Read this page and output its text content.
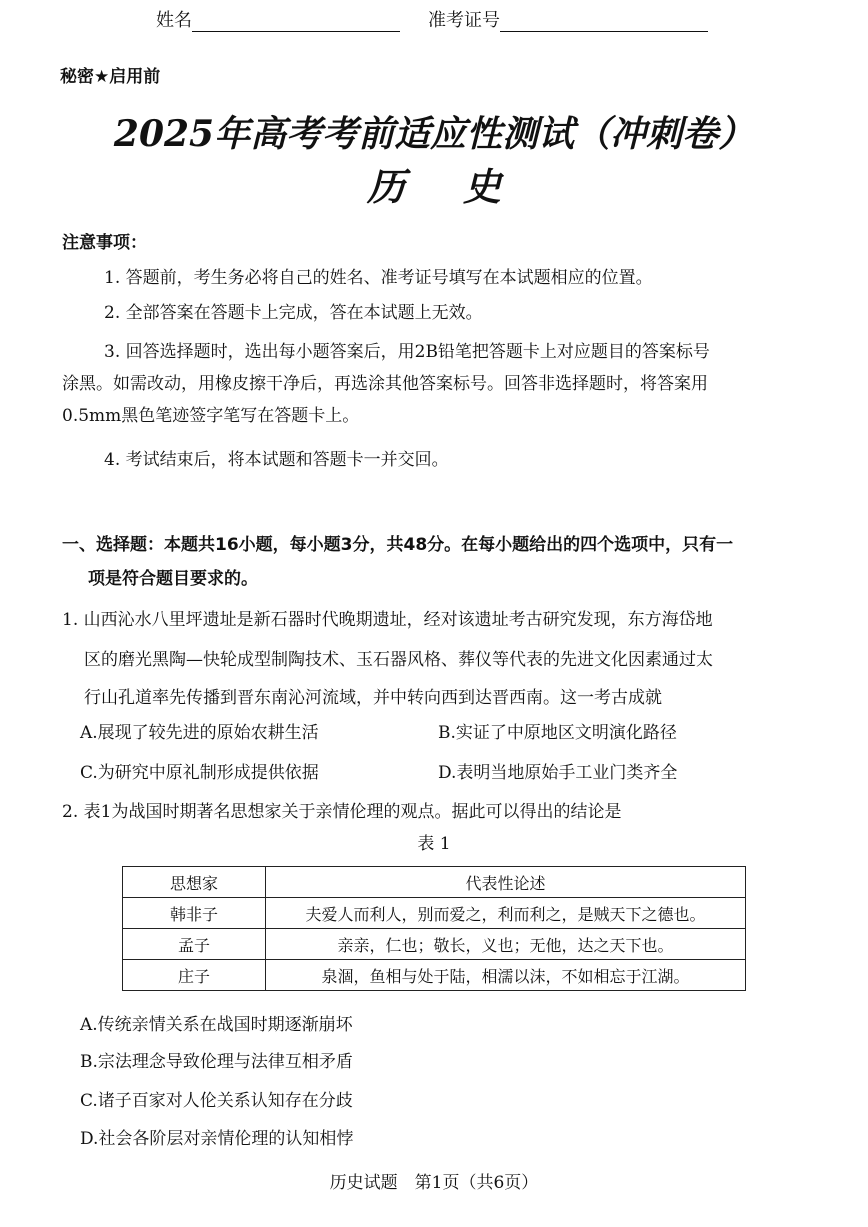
姓名	准考证号
秘密★启用前
2025年高考考前适应性测试（冲刺卷）
历史
注意事项：
1. 答题前，考生务必将自己的姓名、准考证号填写在本试题相应的位置。
2. 全部答案在答题卡上完成，答在本试题上无效。
3. 回答选择题时，选出每小题答案后，用2B铅笔把答题卡上对应题目的答案标号
涂黑。如需改动，用橡皮擦干净后，再选涂其他答案标号。回答非选择题时，将答案用
0.5mm黑色笔迹签字笔写在答题卡上。
4. 考试结束后，将本试题和答题卡一并交回。
一、选择题：本题共16小题，每小题3分，共48分。在每小题给出的四个选项中，只有一
项是符合题目要求的。
1. 山西沁水八里坪遗址是新石器时代晚期遗址，经对该遗址考古研究发现，东方海岱地
区的磨光黑陶—快轮成型制陶技术、玉石器风格、葬仪等代表的先进文化因素通过太
行山孔道率先传播到晋东南沁河流域，并中转向西到达晋西南。这一考古成就
A.展现了较先进的原始农耕生活	B.实证了中原地区文明演化路径
C.为研究中原礼制形成提供依据	D.表明当地原始手工业门类齐全
2. 表1为战国时期著名思想家关于亲情伦理的观点。据此可以得出的结论是
表 1
思想家	代表性论述
韩非子	夫爱人而利人，别而爱之，利而利之，是贼天下之德也。
孟子	亲亲，仁也；敬长，义也；无他，达之天下也。
庄子	泉涸，鱼相与处于陆，相濡以沫，不如相忘于江湖。
A.传统亲情关系在战国时期逐渐崩坏
B.宗法理念导致伦理与法律互相矛盾
C.诸子百家对人伦关系认知存在分歧
D.社会各阶层对亲情伦理的认知相悖
历史试题　第1页（共6页）
